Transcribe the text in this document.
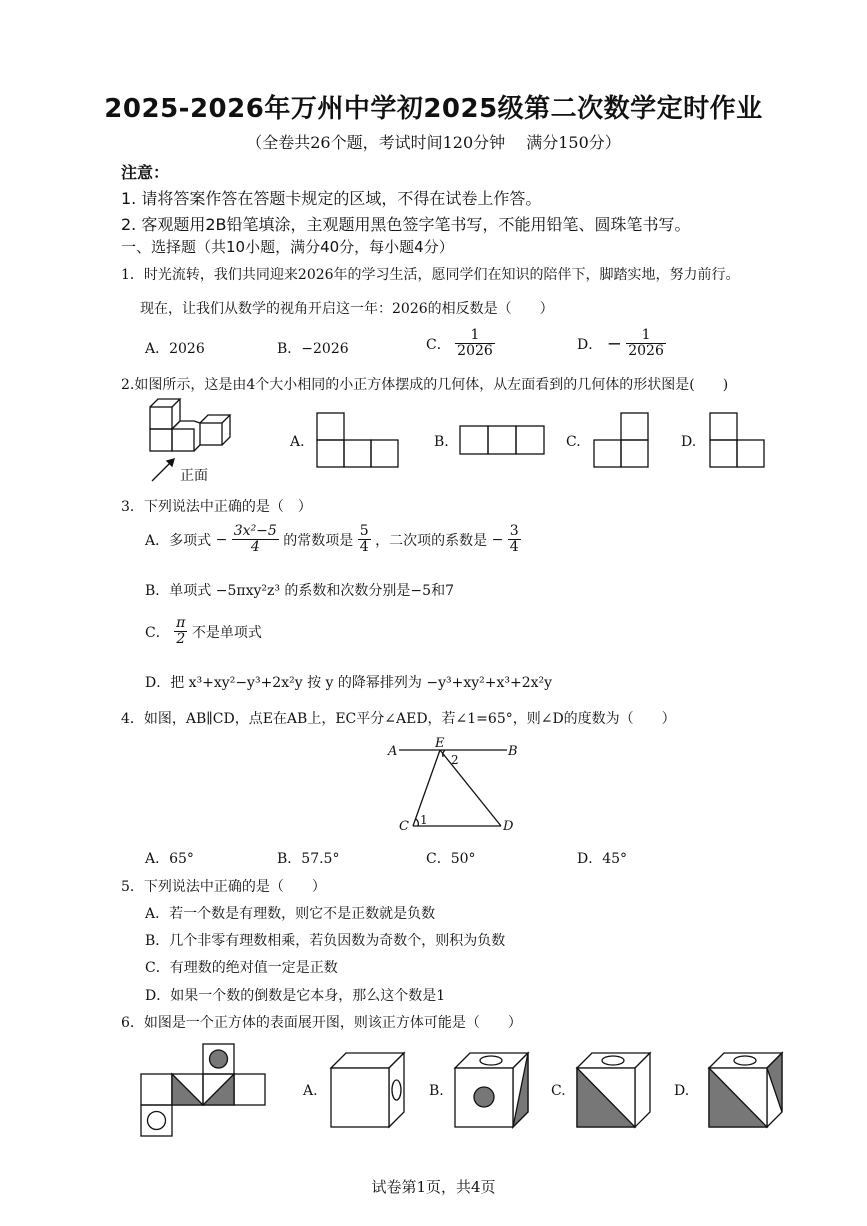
2025-2026年万州中学初2025级第二次数学定时作业
（全卷共26个题，考试时间120分钟　 满分150分）
注意：
1. 请将答案作答在答题卡规定的区域，不得在试卷上作答。
2. 客观题用2B铅笔填涂，主观题用黑色签字笔书写，不能用铅笔、圆珠笔书写。
一、选择题（共10小题，满分40分，每小题4分）
1．时光流转，我们共同迎来2026年的学习生活，愿同学们在知识的陪伴下，脚踏实地，努力前行。
现在，让我们从数学的视角开启这一年：2026的相反数是（　　）
A．2026	B．−2026	C． $\frac{1}{2026}$	D． − $\frac{1}{2026}$
2.如图所示，这是由4个大小相同的小正方体摆成的几何体，从左面看到的几何体的形状图是(　　)
正面
A.	B.	C.	D.
3．下列说法中正确的是（　）
A．多项式 − $\frac{\text{3x²−5}}{4}$ 的常数项是 $\frac{5}{4}$ ，二次项的系数是 − $\frac{3}{4}$
B．单项式 −5πxy²z³ 的系数和次数分别是−5和7
C． $\frac{\pi}{2}$ 不是单项式
D．把 x³+xy²−y³+2x²y 按 y 的降幂排列为 −y³+xy²+x³+2x²y
4．如图，AB∥CD，点E在AB上，EC平分∠AED，若∠1=65°，则∠D的度数为（　　）
A	B
E
C	D
1
2
A．65°	B．57.5°	C．50°	D．45°
5．下列说法中正确的是（　　）
A．若一个数是有理数，则它不是正数就是负数
B．几个非零有理数相乘，若负因数为奇数个，则积为负数
C．有理数的绝对值一定是正数
D．如果一个数的倒数是它本身，那么这个数是1
6．如图是一个正方体的表面展开图，则该正方体可能是（　　）
A.	B.	C.	D.
试卷第1页，共4页
